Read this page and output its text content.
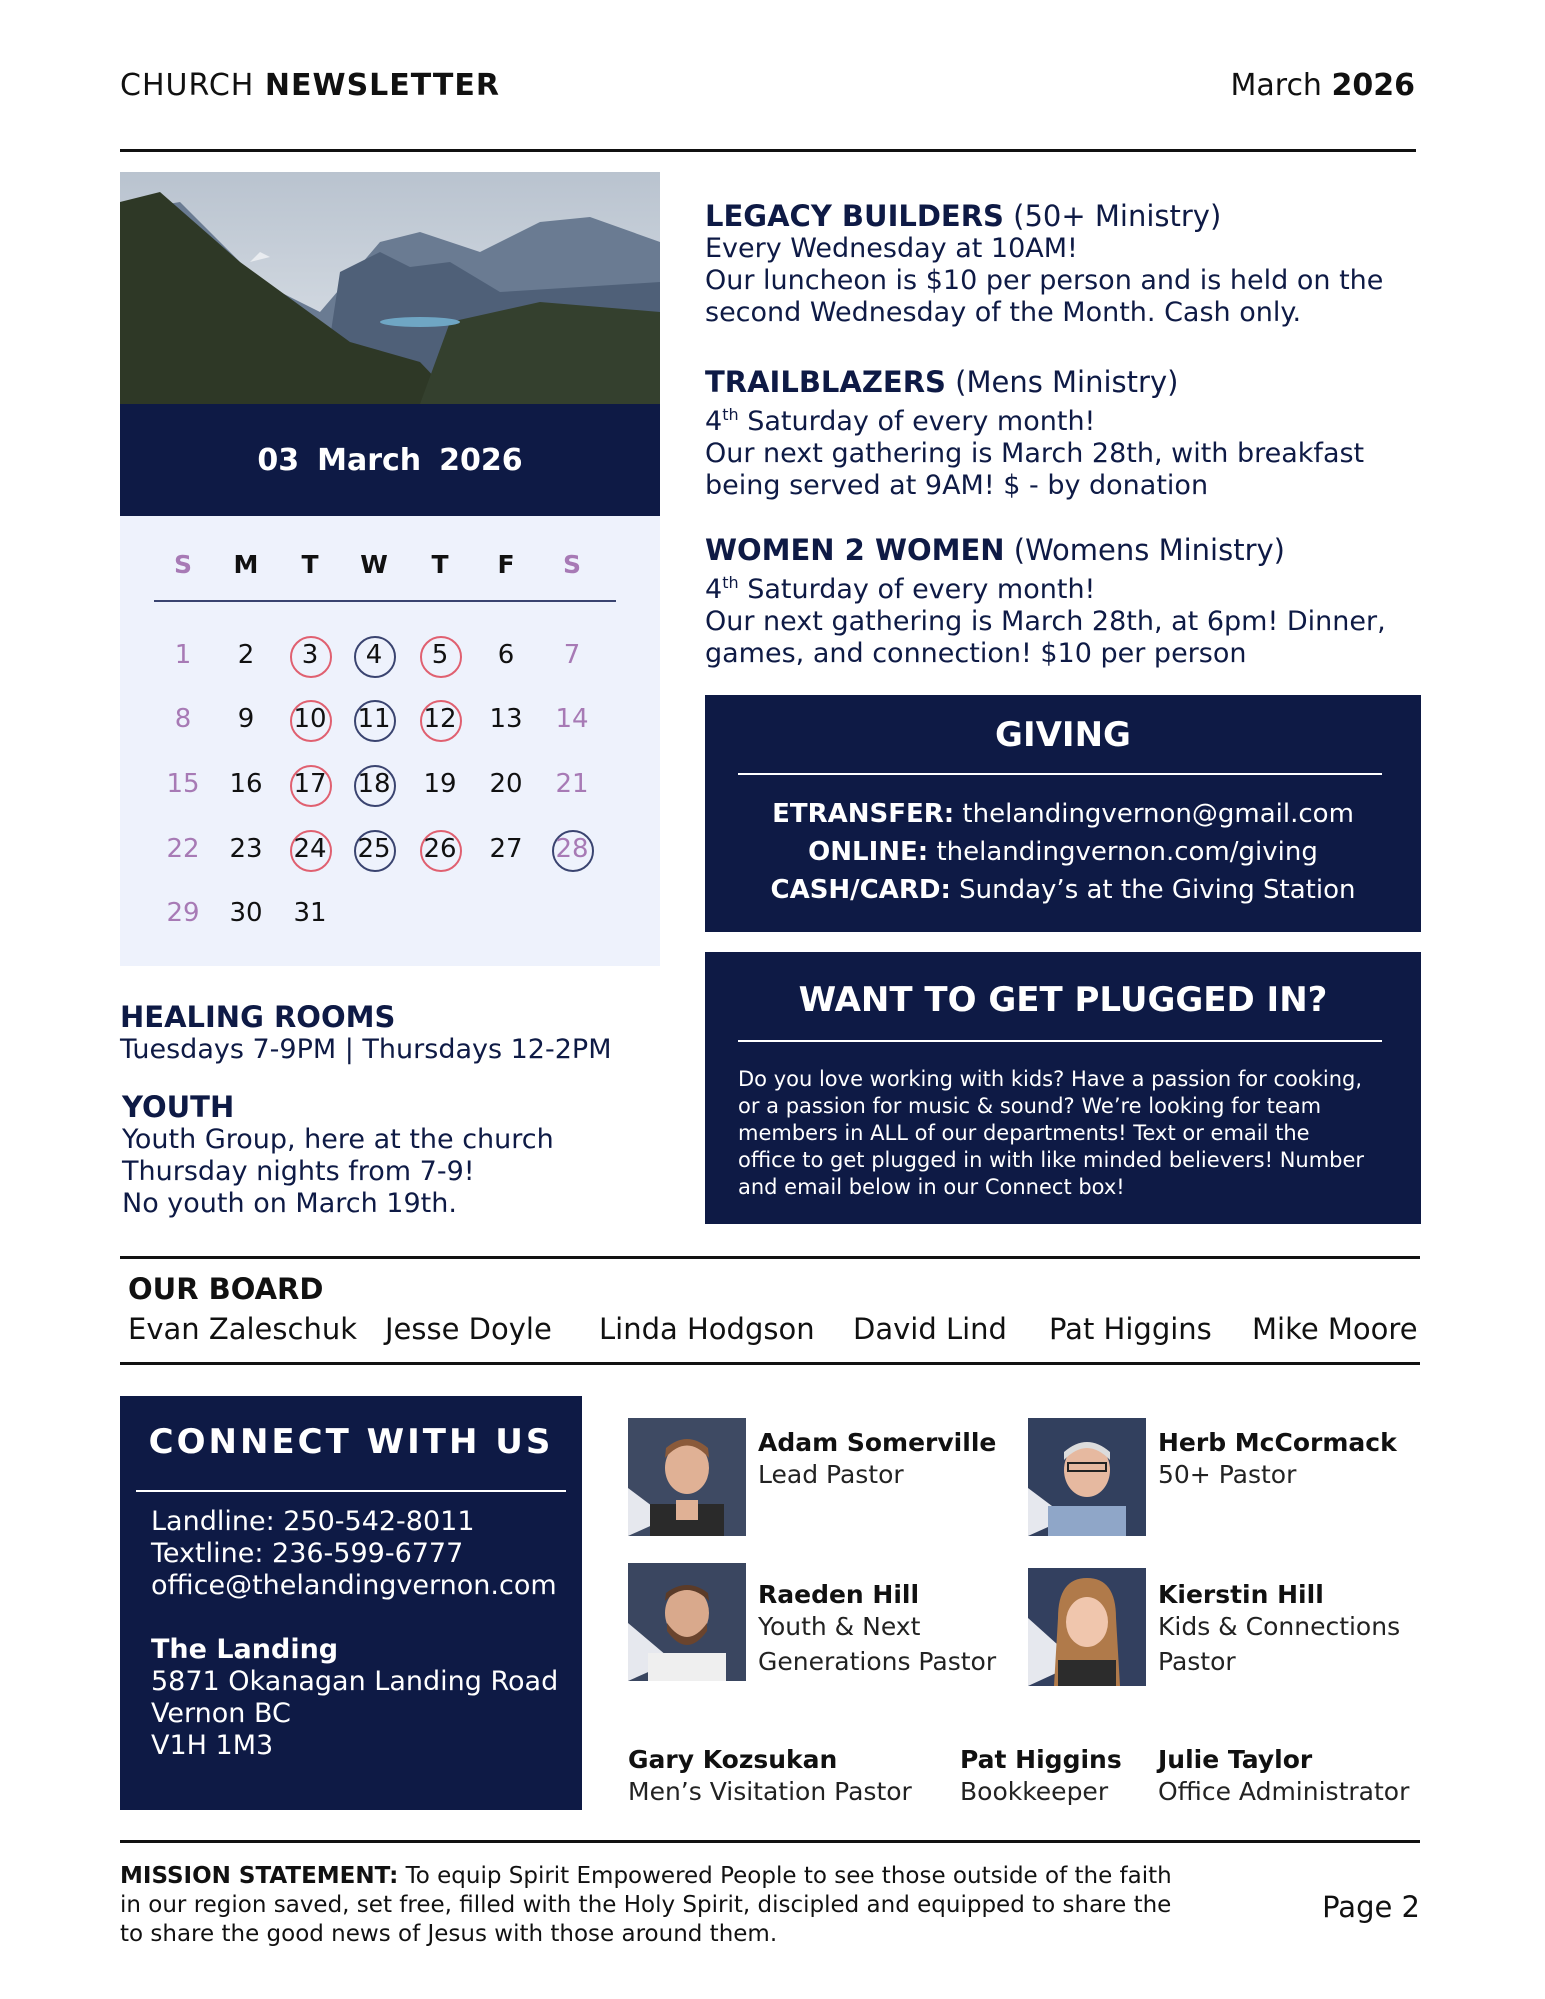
CHURCH NEWSLETTER	March 2026
03 March 2026
S	M	T	W	T	F	S
1	2	3	4	5	6	7
8	9	10	11	12	13	14
15	16	17	18	19	20	21
22	23	24	25	26	27	28
29	30	31
HEALING ROOMS
Tuesdays 7-9PM | Thursdays 12-2PM
YOUTH
Youth Group, here at the church
Thursday nights from 7-9!
No youth on March 19th.
LEGACY BUILDERS (50+ Ministry)
Every Wednesday at 10AM!
Our luncheon is $10 per person and is held on the
second Wednesday of the Month. Cash only.
TRAILBLAZERS (Mens Ministry)
4th Saturday of every month!
Our next gathering is March 28th, with breakfast
being served at 9AM! $ - by donation
WOMEN 2 WOMEN (Womens Ministry)
4th Saturday of every month!
Our next gathering is March 28th, at 6pm! Dinner,
games, and connection! $10 per person
GIVING
ETRANSFER: thelandingvernon@gmail.com
ONLINE: thelandingvernon.com/giving
CASH/CARD: Sunday’s at the Giving Station
WANT TO GET PLUGGED IN?
Do you love working with kids? Have a passion for cooking,
or a passion for music & sound? We’re looking for team
members in ALL of our departments! Text or email the
office to get plugged in with like minded believers! Number
and email below in our Connect box!
OUR BOARD
Evan Zaleschuk Jesse Doyle Linda Hodgson David Lind Pat Higgins Mike Moore
CONNECT WITH US
Landline: 250-542-8011
Textline: 236-599-6777
office@thelandingvernon.com
The Landing
5871 Okanagan Landing Road
Vernon BC
V1H 1M3
Adam Somerville
Lead Pastor
Herb McCormack
50+ Pastor
Raeden Hill
Youth & Next
Generations Pastor
Kierstin Hill
Kids & Connections
Pastor
Gary Kozsukan
Men’s Visitation Pastor
Pat Higgins
Bookkeeper
Julie Taylor
Office Administrator
MISSION STATEMENT: To equip Spirit Empowered People to see those outside of the faith in our region saved, set free, filled with the Holy Spirit, discipled and equipped to share the to share the good news of Jesus with those around them.
Page 2
